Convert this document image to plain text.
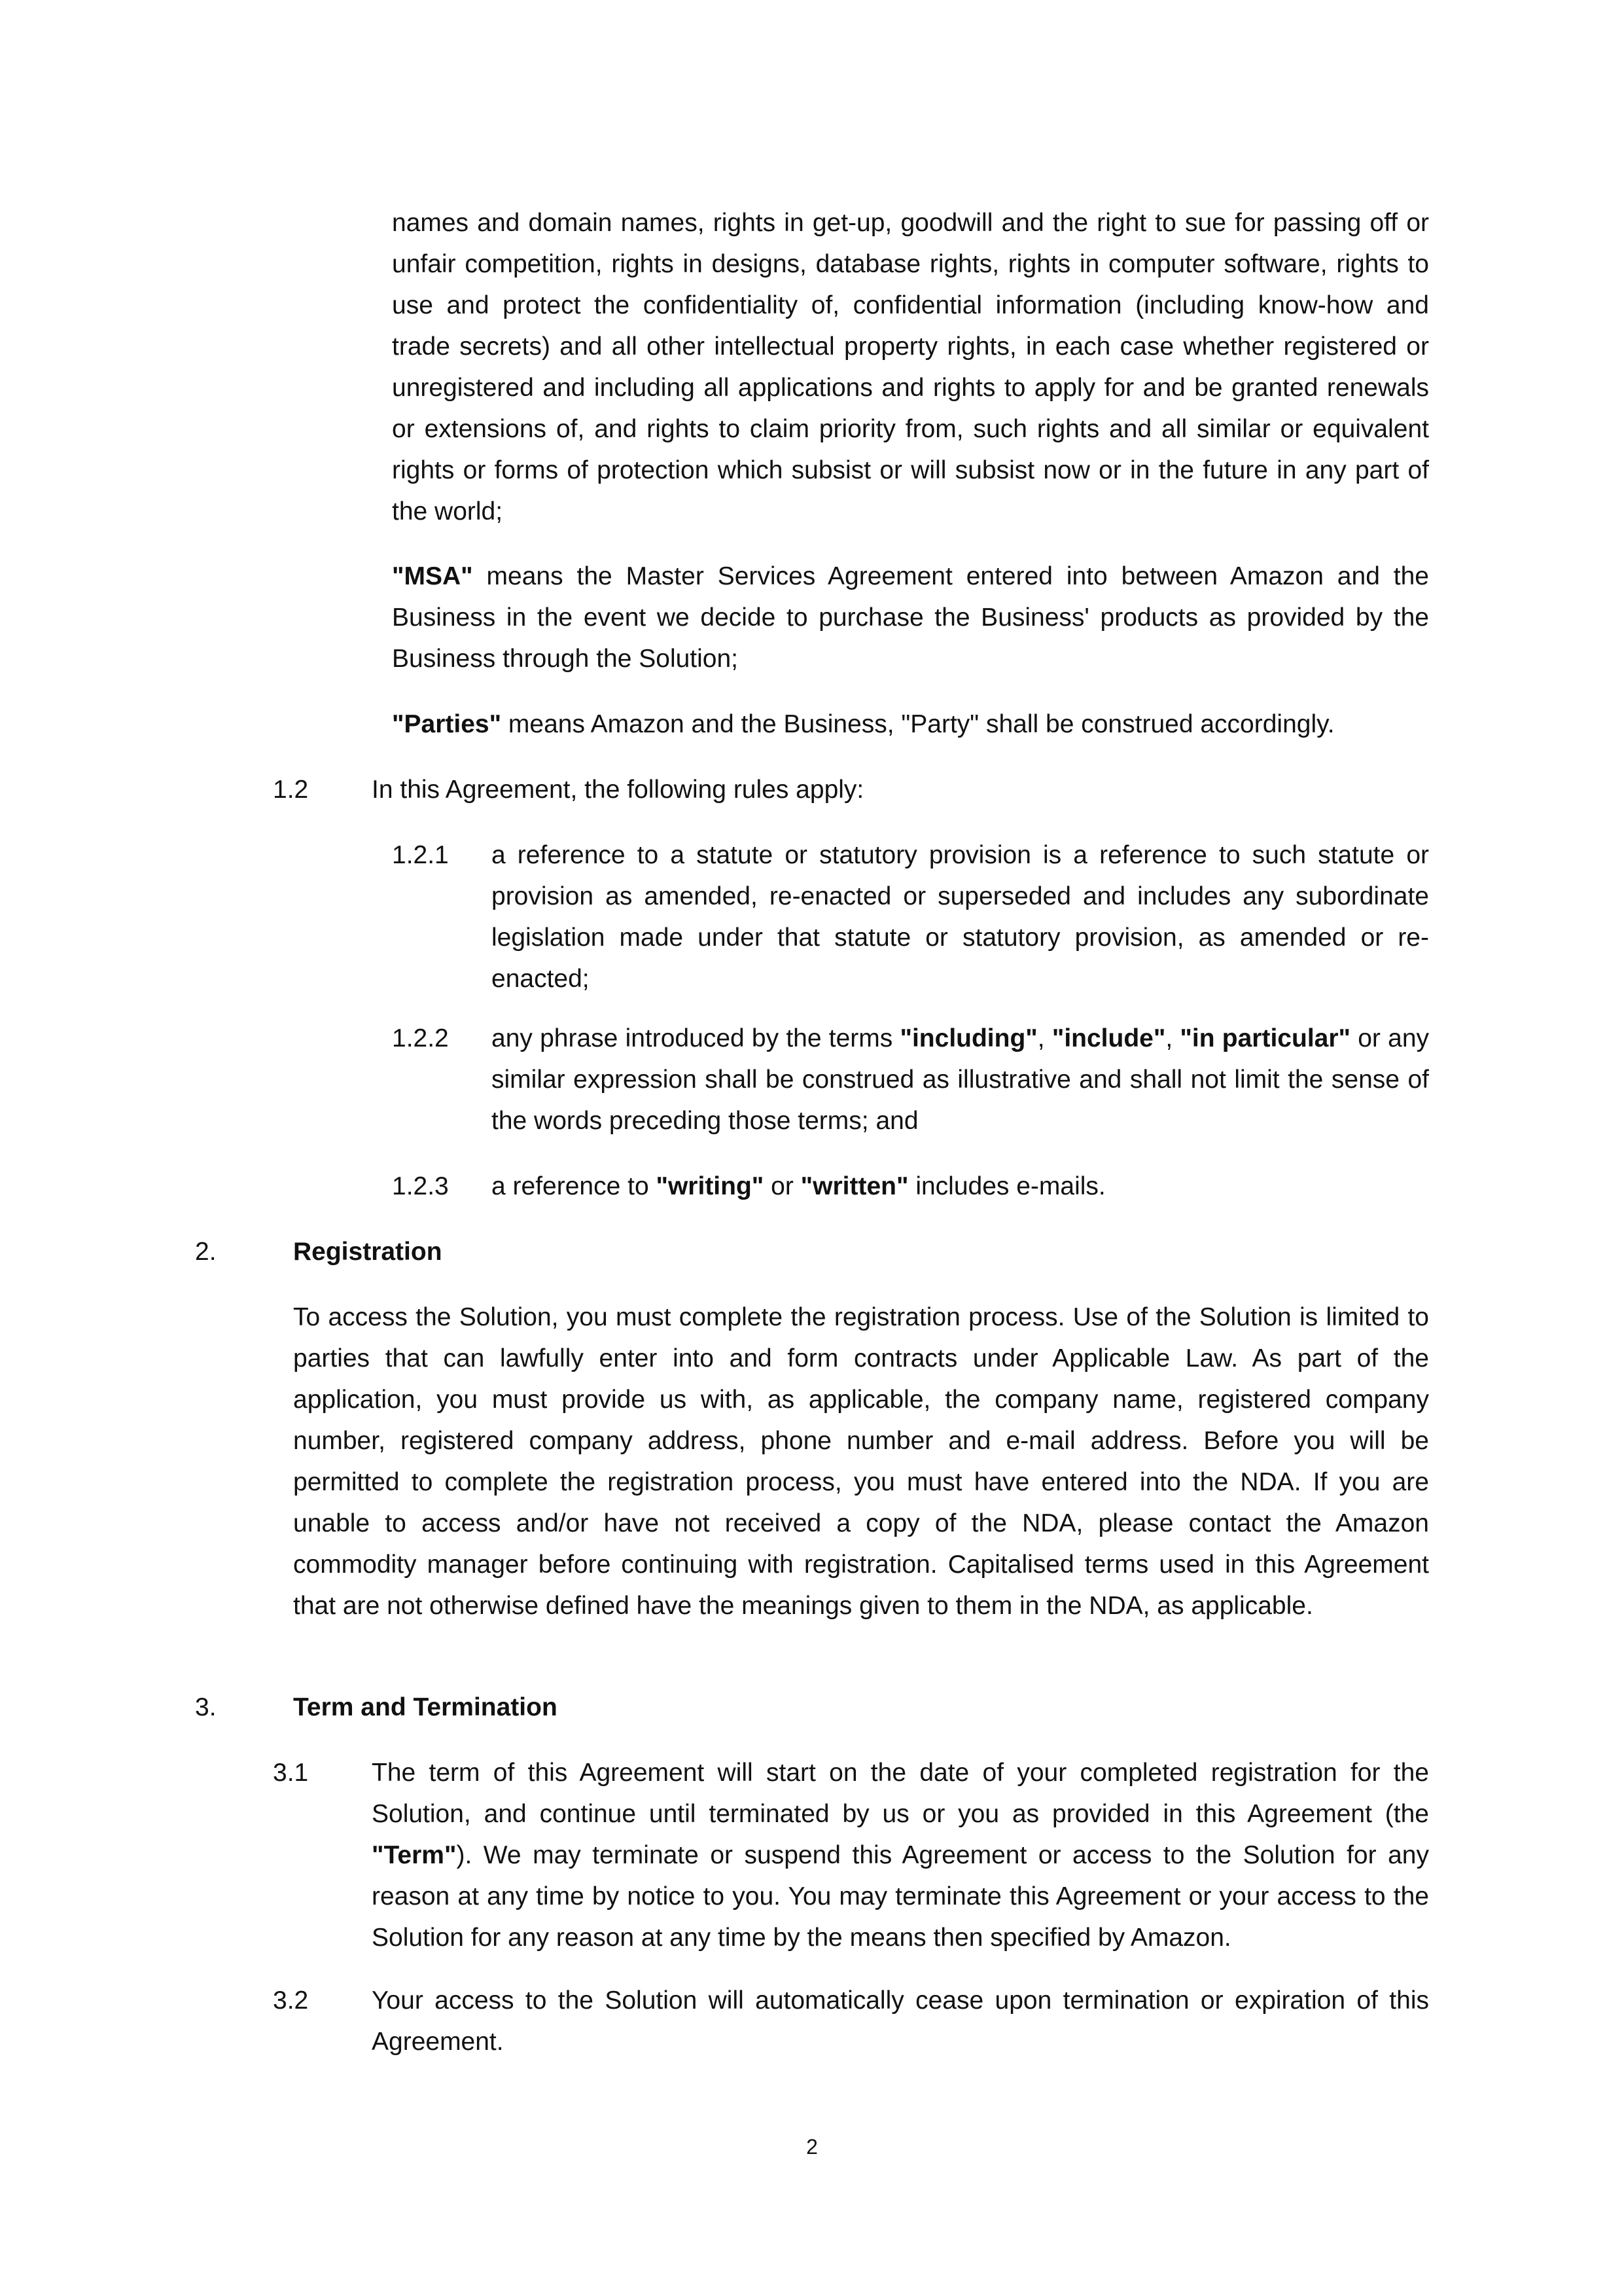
names and domain names, rights in get-up, goodwill and the right to sue for passing off or unfair competition, rights in designs, database rights, rights in computer software, rights to use and protect the confidentiality of, confidential information (including know-how and trade secrets) and all other intellectual property rights, in each case whether registered or unregistered and including all applications and rights to apply for and be granted renewals or extensions of, and rights to claim priority from, such rights and all similar or equivalent rights or forms of protection which subsist or will subsist now or in the future in any part of the world;

"MSA" means the Master Services Agreement entered into between Amazon and the Business in the event we decide to purchase the Business' products as provided by the Business through the Solution;

"Parties" means Amazon and the Business, "Party" shall be construed accordingly.

1.2 In this Agreement, the following rules apply:

1.2.1 a reference to a statute or statutory provision is a reference to such statute or provision as amended, re-enacted or superseded and includes any subordinate legislation made under that statute or statutory provision, as amended or re-enacted;

1.2.2 any phrase introduced by the terms "including", "include", "in particular" or any similar expression shall be construed as illustrative and shall not limit the sense of the words preceding those terms; and

1.2.3 a reference to "writing" or "written" includes e-mails.

2.	Registration

To access the Solution, you must complete the registration process. Use of the Solution is limited to parties that can lawfully enter into and form contracts under Applicable Law. As part of the application, you must provide us with, as applicable, the company name, registered company number, registered company address, phone number and e-mail address. Before you will be permitted to complete the registration process, you must have entered into the NDA. If you are unable to access and/or have not received a copy of the NDA, please contact the Amazon commodity manager before continuing with registration. Capitalised terms used in this Agreement that are not otherwise defined have the meanings given to them in the NDA, as applicable.

3.	Term and Termination
3.1 The term of this Agreement will start on the date of your completed registration for the Solution, and continue until terminated by us or you as provided in this Agreement (the "Term"). We may terminate or suspend this Agreement or access to the Solution for any reason at any time by notice to you. You may terminate this Agreement or your access to the Solution for any reason at any time by the means then specified by Amazon.

3.2 Your access to the Solution will automatically cease upon termination or expiration of this Agreement.

2
